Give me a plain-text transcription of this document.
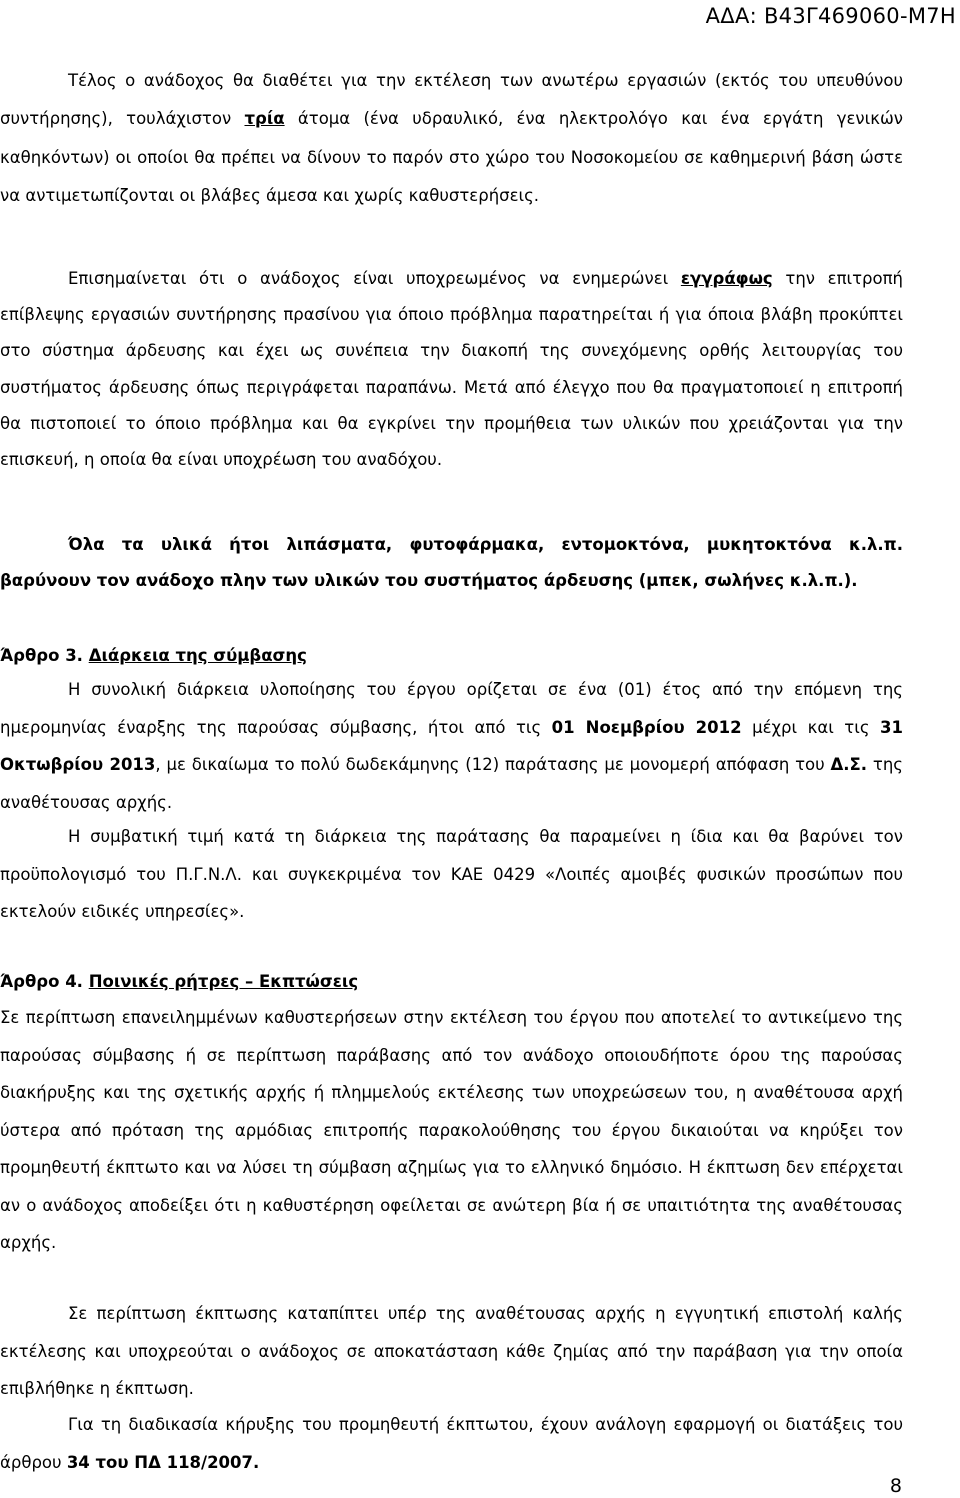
ΑΔΑ: Β43Γ469060-Μ7Η

Τέλος ο ανάδοχος θα διαθέτει για την εκτέλεση των ανωτέρω εργασιών (εκτός του υπευθύνου συντήρησης), τουλάχιστον τρία άτομα (ένα υδραυλικό, ένα ηλεκτρολόγο και ένα εργάτη γενικών καθηκόντων) οι οποίοι θα πρέπει να δίνουν το παρόν στο χώρο του Νοσοκομείου σε καθημερινή βάση ώστε να αντιμετωπίζονται οι βλάβες άμεσα και χωρίς καθυστερήσεις.

Επισημαίνεται ότι ο ανάδοχος είναι υποχρεωμένος να ενημερώνει εγγράφως την επιτροπή επίβλεψης εργασιών συντήρησης πρασίνου για όποιο πρόβλημα παρατηρείται ή για όποια βλάβη προκύπτει στο σύστημα άρδευσης και έχει ως συνέπεια την διακοπή της συνεχόμενης ορθής λειτουργίας του συστήματος άρδευσης όπως περιγράφεται παραπάνω. Μετά από έλεγχο που θα πραγματοποιεί η επιτροπή θα πιστοποιεί το όποιο πρόβλημα και θα εγκρίνει την προμήθεια των υλικών που χρειάζονται για την επισκευή, η οποία θα είναι υποχρέωση του αναδόχου.

Όλα τα υλικά ήτοι λιπάσματα, φυτοφάρμακα, εντομοκτόνα, μυκητοκτόνα κ.λ.π. βαρύνουν τον ανάδοχο πλην των υλικών του συστήματος άρδευσης (μπεκ, σωλήνες κ.λ.π.).

Άρθρο 3. Διάρκεια της σύμβασης

Η συνολική διάρκεια υλοποίησης του έργου ορίζεται σε ένα (01) έτος από την επόμενη της ημερομηνίας έναρξης της παρούσας σύμβασης, ήτοι από τις 01 Νοεμβρίου 2012 μέχρι και τις 31 Οκτωβρίου 2013, με δικαίωμα το πολύ δωδεκάμηνης (12) παράτασης με μονομερή απόφαση του Δ.Σ. της αναθέτουσας αρχής.

Η συμβατική τιμή κατά τη διάρκεια της παράτασης θα παραμείνει η ίδια και θα βαρύνει τον προϋπολογισμό του Π.Γ.Ν.Λ. και συγκεκριμένα τον ΚΑΕ 0429 «Λοιπές αμοιβές φυσικών προσώπων που εκτελούν ειδικές υπηρεσίες».

Άρθρο 4. Ποινικές ρήτρες – Εκπτώσεις

Σε περίπτωση επανειλημμένων καθυστερήσεων στην εκτέλεση του έργου που αποτελεί το αντικείμενο της παρούσας σύμβασης ή σε περίπτωση παράβασης από τον ανάδοχο οποιουδήποτε όρου της παρούσας διακήρυξης και της σχετικής αρχής ή πλημμελούς εκτέλεσης των υποχρεώσεων του, η αναθέτουσα αρχή ύστερα από πρόταση της αρμόδιας επιτροπής παρακολούθησης του έργου δικαιούται να κηρύξει τον προμηθευτή έκπτωτο και να λύσει τη σύμβαση αζημίως για το ελληνικό δημόσιο. Η έκπτωση δεν επέρχεται αν ο ανάδοχος αποδείξει ότι η καθυστέρηση οφείλεται σε ανώτερη βία ή σε υπαιτιότητα της αναθέτουσας αρχής.

Σε περίπτωση έκπτωσης καταπίπτει υπέρ της αναθέτουσας αρχής η εγγυητική επιστολή καλής εκτέλεσης και υποχρεούται ο ανάδοχος σε αποκατάσταση κάθε ζημίας από την παράβαση για την οποία επιβλήθηκε η έκπτωση.

Για τη διαδικασία κήρυξης του προμηθευτή έκπτωτου, έχουν ανάλογη εφαρμογή οι διατάξεις του άρθρου 34 του ΠΔ 118/2007.

8
